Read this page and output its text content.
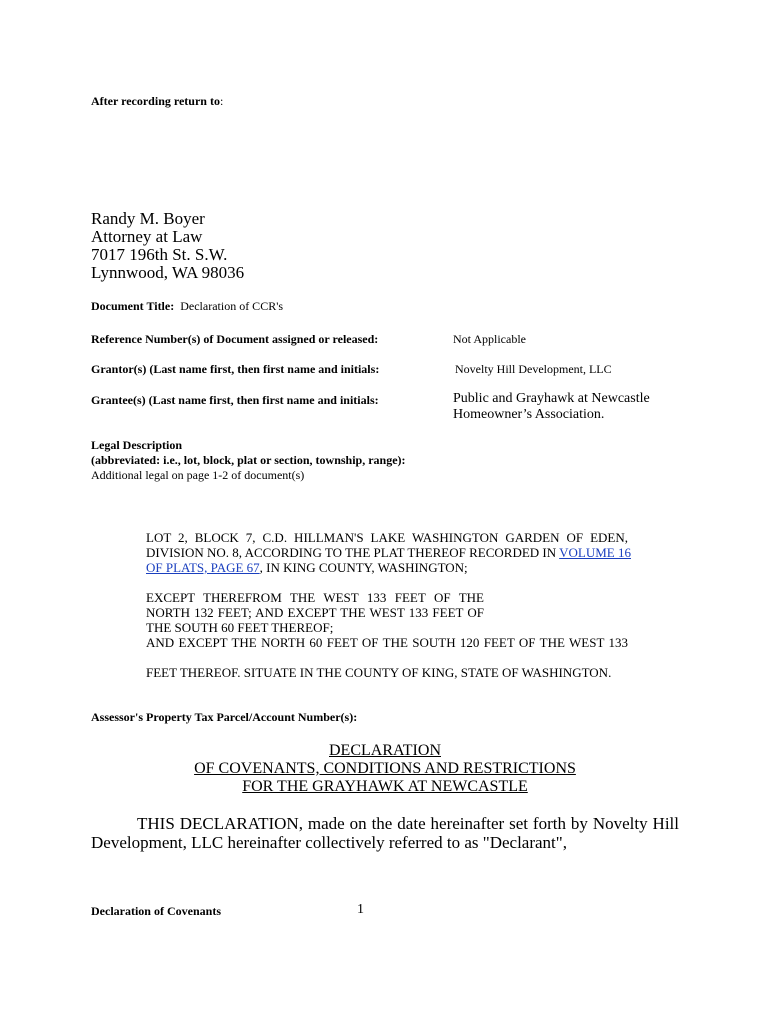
After recording return to:
Randy M. Boyer
Attorney at Law
7017 196th St. S.W.
Lynnwood, WA 98036
Document Title: Declaration of CCR's
Reference Number(s) of Document assigned or released:	Not Applicable
Grantor(s) (Last name first, then first name and initials:	Novelty Hill Development, LLC
Grantee(s) (Last name first, then first name and initials:	Public and Grayhawk at Newcastle
Homeowner’s Association.
Legal Description
(abbreviated: i.e., lot, block, plat or section, township, range):
Additional legal on page 1-2 of document(s)
LOT 2, BLOCK 7, C.D. HILLMAN'S LAKE WASHINGTON GARDEN OF EDEN,
DIVISION NO. 8, ACCORDING TO THE PLAT THEREOF RECORDED IN VOLUME 16
OF PLATS, PAGE 67, IN KING COUNTY, WASHINGTON;
EXCEPT THEREFROM THE WEST 133 FEET OF THE
NORTH 132 FEET; AND EXCEPT THE WEST 133 FEET OF
THE SOUTH 60 FEET THEREOF;
AND EXCEPT THE NORTH 60 FEET OF THE SOUTH 120 FEET OF THE WEST 133
FEET THEREOF. SITUATE IN THE COUNTY OF KING, STATE OF WASHINGTON.
Assessor's Property Tax Parcel/Account Number(s):
DECLARATION
OF COVENANTS, CONDITIONS AND RESTRICTIONS
FOR THE GRAYHAWK AT NEWCASTLE
THIS DECLARATION, made on the date hereinafter set forth by Novelty Hill
Development, LLC hereinafter collectively referred to as "Declarant",
Declaration of Covenants	1
